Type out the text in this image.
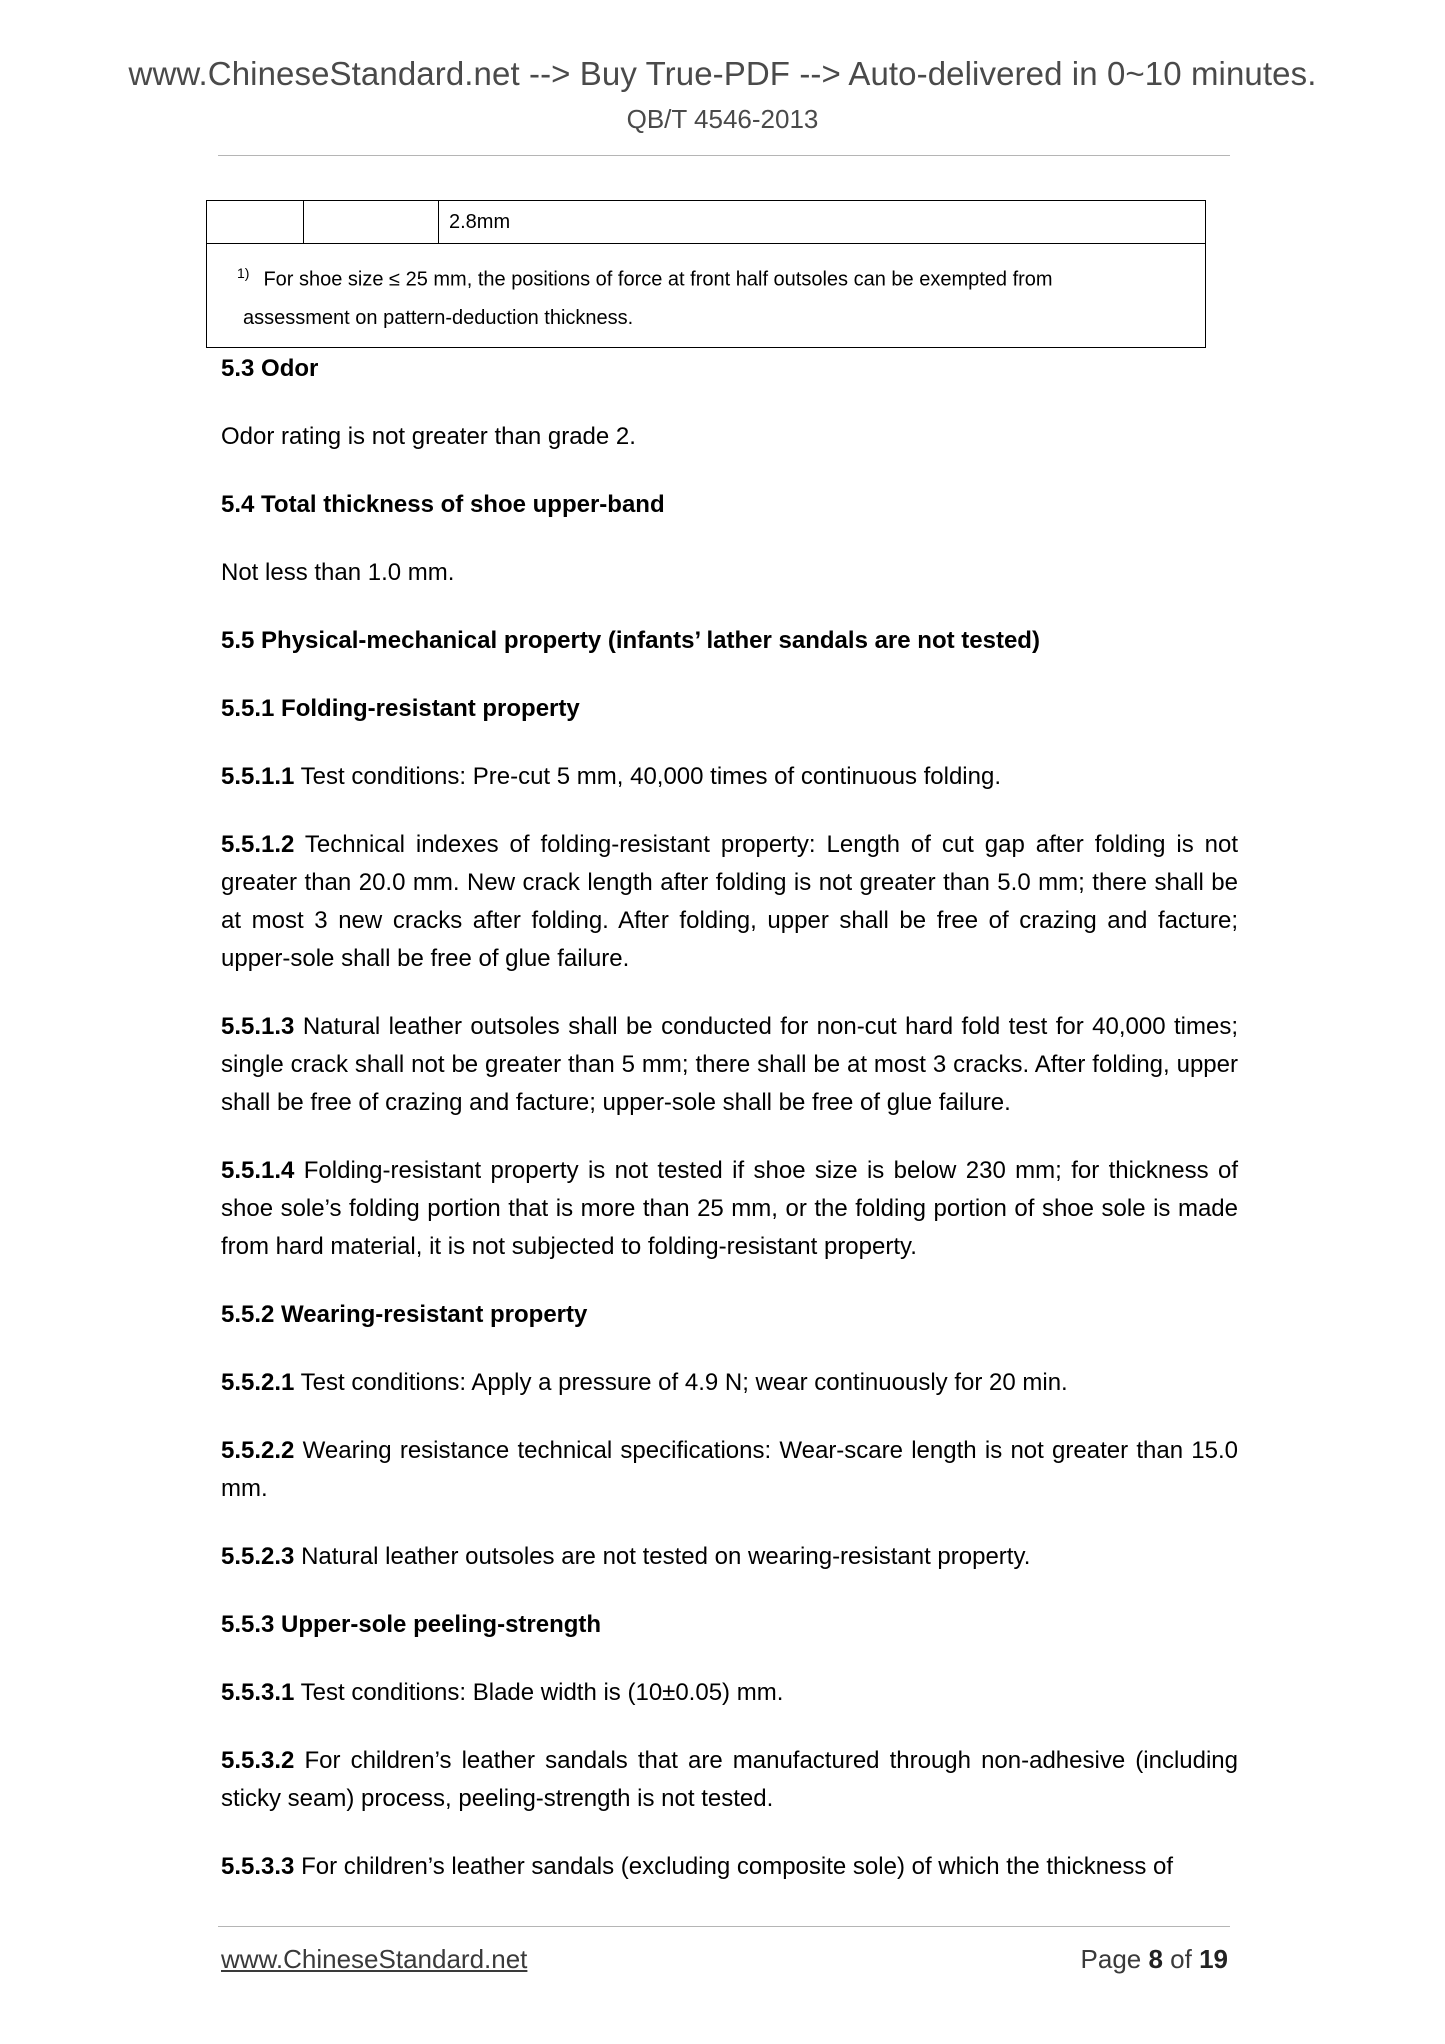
www.ChineseStandard.net --> Buy True-PDF --> Auto-delivered in 0~10 minutes.
QB/T 4546-2013
		2.8mm
$^{1)}$ For shoe size ≤ 25 mm, the positions of force at front half outsoles can be exempted from
assessment on pattern-deduction thickness.
5.3 Odor

Odor rating is not greater than grade 2.

5.4 Total thickness of shoe upper-band

Not less than 1.0 mm.

5.5 Physical-mechanical property (infants’ lather sandals are not tested)
5.5.1 Folding-resistant property

5.5.1.1 Test conditions: Pre-cut 5 mm, 40,000 times of continuous folding.

5.5.1.2 Technical indexes of folding-resistant property: Length of cut gap after folding is not greater than 20.0 mm. New crack length after folding is not greater than 5.0 mm; there shall be at most 3 new cracks after folding. After folding, upper shall be free of crazing and facture; upper-sole shall be free of glue failure.

5.5.1.3 Natural leather outsoles shall be conducted for non-cut hard fold test for 40,000 times; single crack shall not be greater than 5 mm; there shall be at most 3 cracks. After folding, upper shall be free of crazing and facture; upper-sole shall be free of glue failure.

5.5.1.4 Folding-resistant property is not tested if shoe size is below 230 mm; for thickness of shoe sole’s folding portion that is more than 25 mm, or the folding portion of shoe sole is made from hard material, it is not subjected to folding-resistant property.

5.5.2 Wearing-resistant property

5.5.2.1 Test conditions: Apply a pressure of 4.9 N; wear continuously for 20 min.

5.5.2.2 Wearing resistance technical specifications: Wear-scare length is not greater than 15.0 mm.

5.5.2.3 Natural leather outsoles are not tested on wearing-resistant property.

5.5.3 Upper-sole peeling-strength

5.5.3.1 Test conditions: Blade width is (10±0.05) mm.

5.5.3.2 For children’s leather sandals that are manufactured through non-adhesive (including sticky seam) process, peeling-strength is not tested.

5.5.3.3 For children’s leather sandals (excluding composite sole) of which the thickness of

www.ChineseStandard.net	Page 8 of 19
